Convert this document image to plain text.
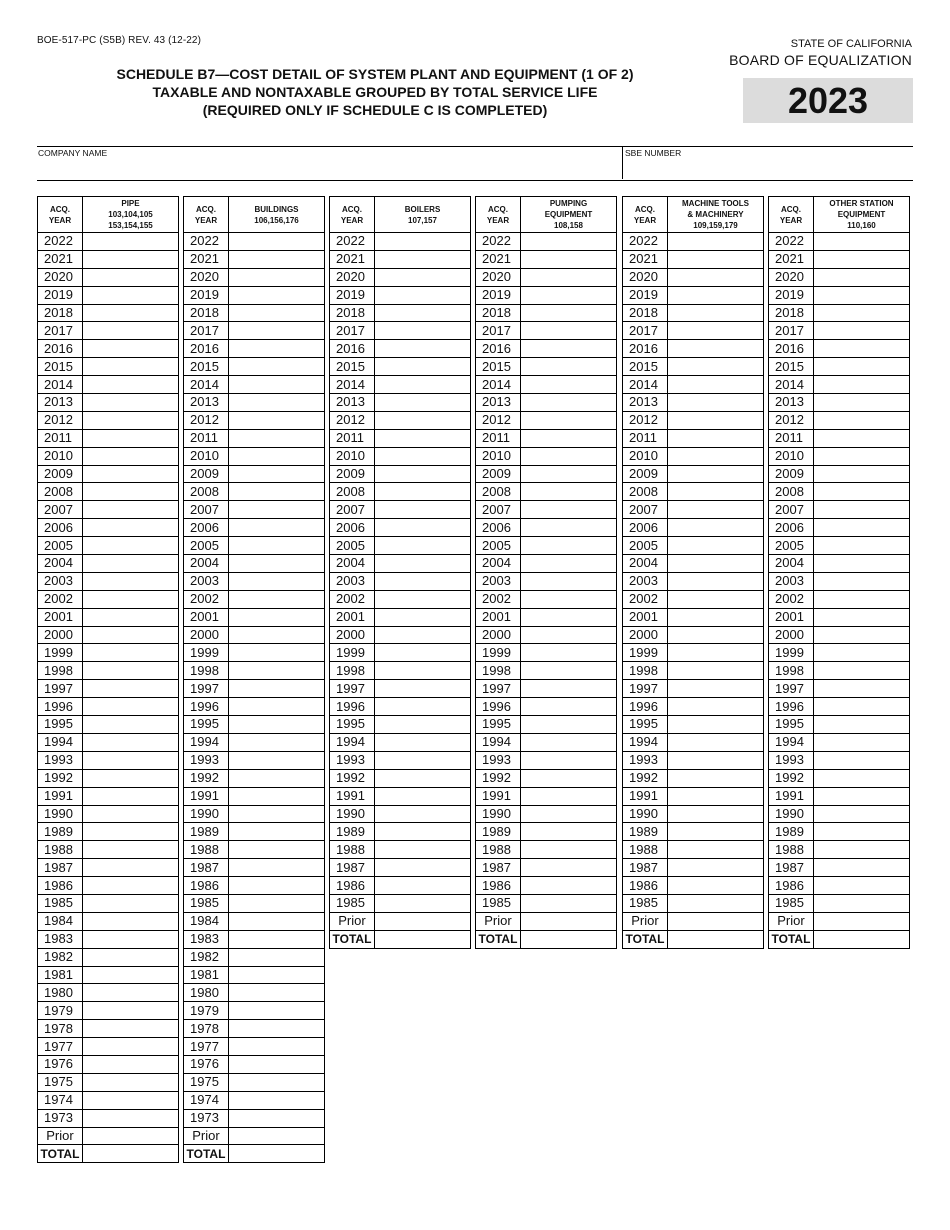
BOE-517-PC (S5B) REV. 43 (12-22)	STATE OF CALIFORNIA
BOARD OF EQUALIZATION
2023
SCHEDULE B7—COST DETAIL OF SYSTEM PLANT AND EQUIPMENT (1 OF 2)
TAXABLE AND NONTAXABLE GROUPED BY TOTAL SERVICE LIFE
(REQUIRED ONLY IF SCHEDULE C IS COMPLETED)
COMPANY NAME	SBE NUMBER
ACQ.
YEAR	PIPE
103,104,105
153,154,155

2022	
2021	
2020	
2019	
2018	
2017	
2016	
2015	
2014	
2013	
2012	
2011	
2010	
2009	
2008	
2007	
2006	
2005	
2004	
2003	
2002	
2001	
2000	
1999	
1998	
1997	
1996	
1995	
1994	
1993	
1992	
1991	
1990	
1989	
1988	
1987	
1986	
1985	
1984	
1983	
1982	
1981	
1980	
1979	
1978	
1977	
1976	
1975	
1974	
1973	
Prior	
TOTAL	
ACQ.
YEAR	BUILDINGS
106,156,176

2022	
2021	
2020	
2019	
2018	
2017	
2016	
2015	
2014	
2013	
2012	
2011	
2010	
2009	
2008	
2007	
2006	
2005	
2004	
2003	
2002	
2001	
2000	
1999	
1998	
1997	
1996	
1995	
1994	
1993	
1992	
1991	
1990	
1989	
1988	
1987	
1986	
1985	
1984	
1983	
1982	
1981	
1980	
1979	
1978	
1977	
1976	
1975	
1974	
1973	
Prior	
TOTAL	
ACQ.
YEAR	BOILERS
107,157

2022	
2021	
2020	
2019	
2018	
2017	
2016	
2015	
2014	
2013	
2012	
2011	
2010	
2009	
2008	
2007	
2006	
2005	
2004	
2003	
2002	
2001	
2000	
1999	
1998	
1997	
1996	
1995	
1994	
1993	
1992	
1991	
1990	
1989	
1988	
1987	
1986	
1985	
Prior	
TOTAL	
ACQ.
YEAR	PUMPING
EQUIPMENT
108,158

2022	
2021	
2020	
2019	
2018	
2017	
2016	
2015	
2014	
2013	
2012	
2011	
2010	
2009	
2008	
2007	
2006	
2005	
2004	
2003	
2002	
2001	
2000	
1999	
1998	
1997	
1996	
1995	
1994	
1993	
1992	
1991	
1990	
1989	
1988	
1987	
1986	
1985	
Prior	
TOTAL	
ACQ.
YEAR	MACHINE TOOLS
& MACHINERY
109,159,179

2022	
2021	
2020	
2019	
2018	
2017	
2016	
2015	
2014	
2013	
2012	
2011	
2010	
2009	
2008	
2007	
2006	
2005	
2004	
2003	
2002	
2001	
2000	
1999	
1998	
1997	
1996	
1995	
1994	
1993	
1992	
1991	
1990	
1989	
1988	
1987	
1986	
1985	
Prior	
TOTAL	
ACQ.
YEAR	OTHER STATION
EQUIPMENT
110,160

2022	
2021	
2020	
2019	
2018	
2017	
2016	
2015	
2014	
2013	
2012	
2011	
2010	
2009	
2008	
2007	
2006	
2005	
2004	
2003	
2002	
2001	
2000	
1999	
1998	
1997	
1996	
1995	
1994	
1993	
1992	
1991	
1990	
1989	
1988	
1987	
1986	
1985	
Prior	
TOTAL	
